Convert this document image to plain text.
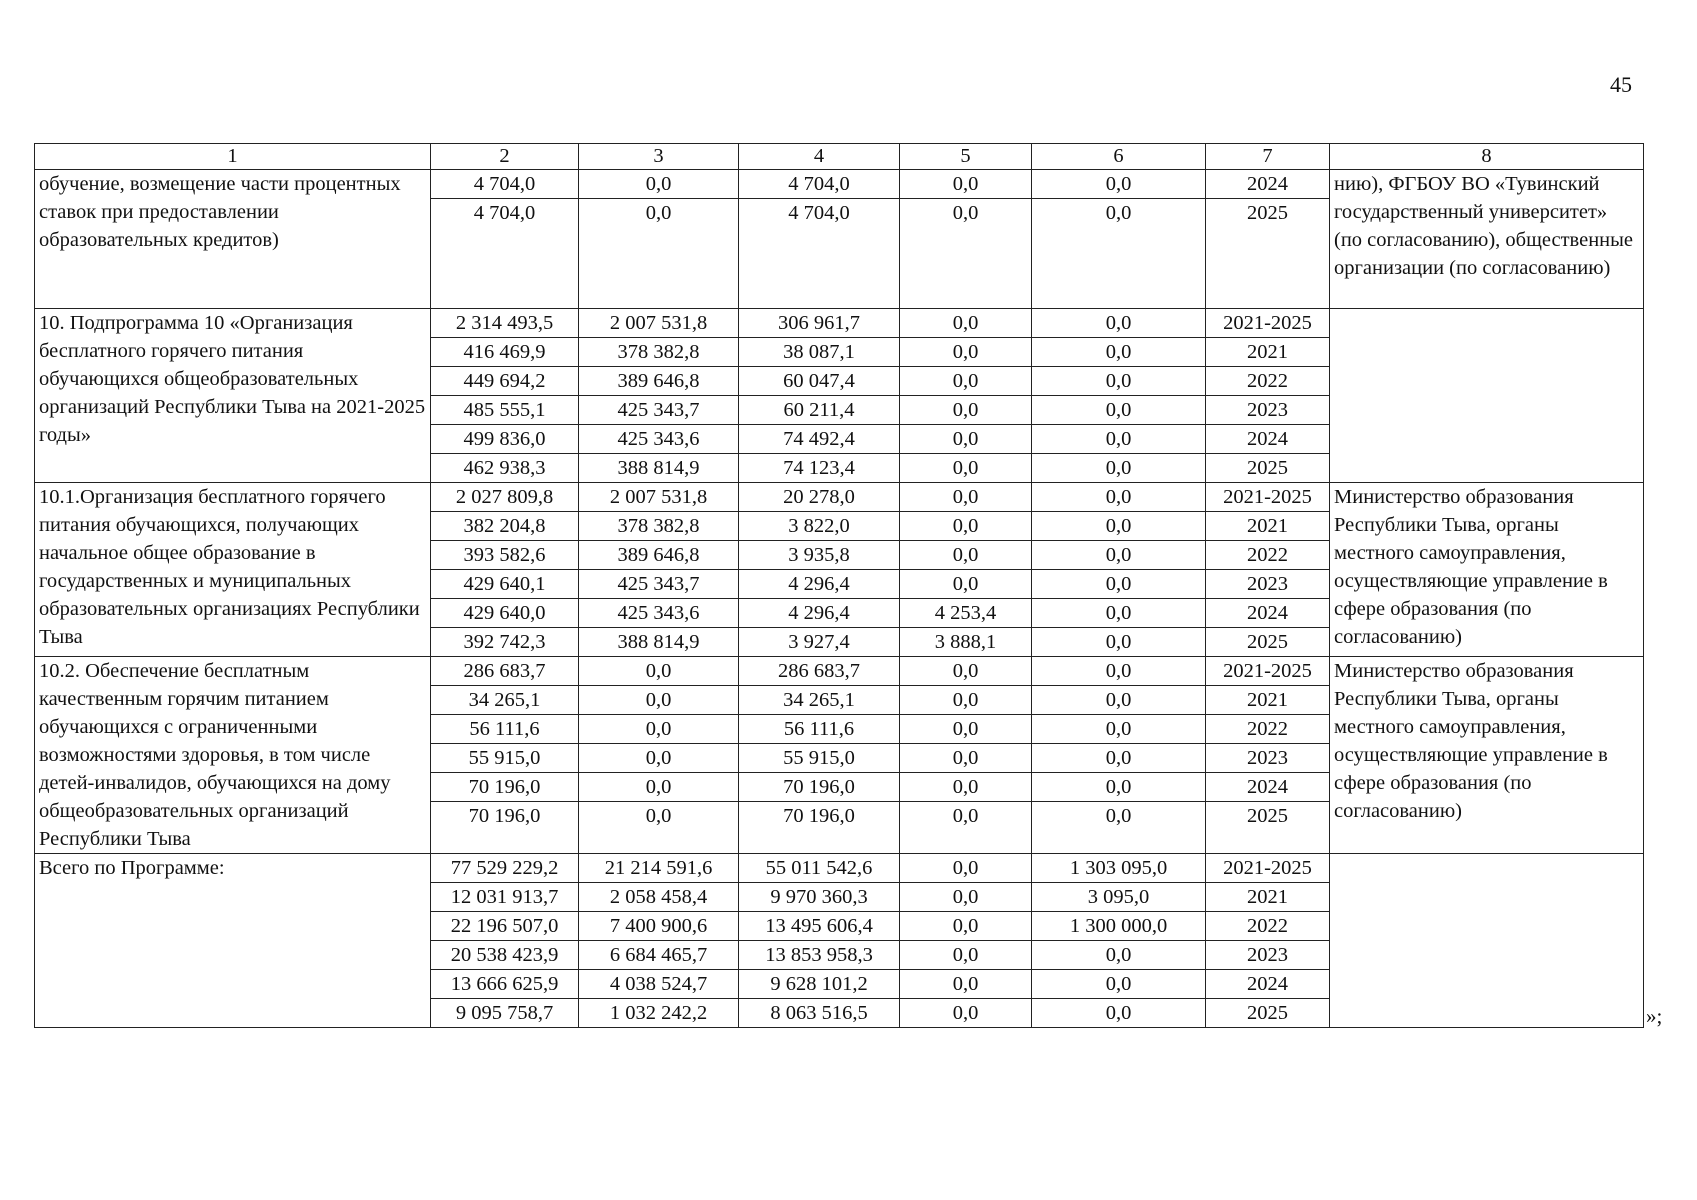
45
1	2	3	4	5	6	7	8
обучение, возмещение части процентных ставок при предоставлении образовательных кредитов)	4 704,0	0,0	4 704,0	0,0	0,0	2024	нию), ФГБОУ ВО «Тувинский государственный университет» (по согласованию), общественные организации (по согласованию)
	4 704,0	0,0	4 704,0	0,0	0,0	2025	
10. Подпрограмма 10 «Организация бесплатного горячего питания обучающихся общеобразовательных организаций Республики Тыва на 2021-2025 годы»	2 314 493,5	2 007 531,8	306 961,7	0,0	0,0	2021-2025	
	416 469,9	378 382,8	38 087,1	0,0	0,0	2021	
	449 694,2	389 646,8	60 047,4	0,0	0,0	2022	
	485 555,1	425 343,7	60 211,4	0,0	0,0	2023	
	499 836,0	425 343,6	74 492,4	0,0	0,0	2024	
	462 938,3	388 814,9	74 123,4	0,0	0,0	2025	
10.1.Организация бесплатного горячего питания обучающихся, получающих начальное общее образование в государственных и муниципальных образовательных организациях Республики Тыва	2 027 809,8	2 007 531,8	20 278,0	0,0	0,0	2021-2025	Министерство образования Республики Тыва, органы местного самоуправления, осуществляющие управление в сфере образования (по согласованию)
	382 204,8	378 382,8	3 822,0	0,0	0,0	2021	
	393 582,6	389 646,8	3 935,8	0,0	0,0	2022	
	429 640,1	425 343,7	4 296,4	0,0	0,0	2023	
	429 640,0	425 343,6	4 296,4	4 253,4	0,0	2024	
	392 742,3	388 814,9	3 927,4	3 888,1	0,0	2025	
10.2. Обеспечение бесплатным качественным горячим питанием обучающихся с ограниченными возможностями здоровья, в том числе детей-инвалидов, обучающихся на дому общеобразовательных организаций Республики Тыва	286 683,7	0,0	286 683,7	0,0	0,0	2021-2025	Министерство образования Республики Тыва, органы местного самоуправления, осуществляющие управление в сфере образования (по согласованию)
	34 265,1	0,0	34 265,1	0,0	0,0	2021	
	56 111,6	0,0	56 111,6	0,0	0,0	2022	
	55 915,0	0,0	55 915,0	0,0	0,0	2023	
	70 196,0	0,0	70 196,0	0,0	0,0	2024	
	70 196,0	0,0	70 196,0	0,0	0,0	2025	
Всего по Программе:	77 529 229,2	21 214 591,6	55 011 542,6	0,0	1 303 095,0	2021-2025	
	12 031 913,7	2 058 458,4	9 970 360,3	0,0	3 095,0	2021	
	22 196 507,0	7 400 900,6	13 495 606,4	0,0	1 300 000,0	2022	
	20 538 423,9	6 684 465,7	13 853 958,3	0,0	0,0	2023	
	13 666 625,9	4 038 524,7	9 628 101,2	0,0	0,0	2024	
	9 095 758,7	1 032 242,2	8 063 516,5	0,0	0,0	2025		»;
